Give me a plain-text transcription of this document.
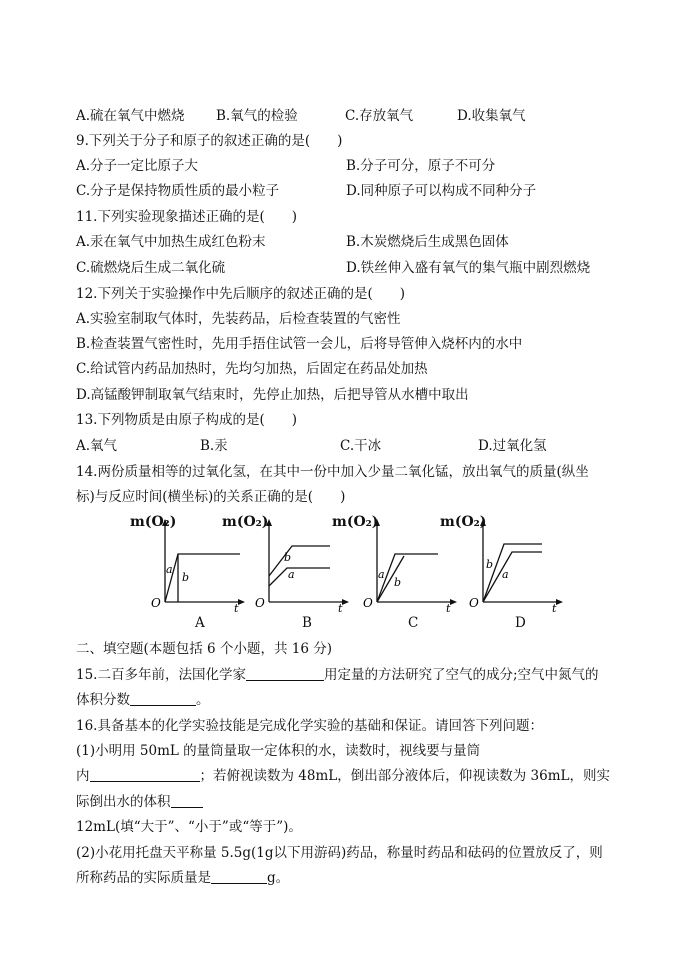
A.硫在氧气中燃烧 B.氧气的检验	C.存放氧气	D.收集氧气
9.下列关于分子和原子的叙述正确的是(　　)
A.分子一定比原子大	B.分子可分，原子不可分
C.分子是保持物质性质的最小粒子	D.同种原子可以构成不同种分子
11.下列实验现象描述正确的是(　　)
A.汞在氧气中加热生成红色粉末	B.木炭燃烧后生成黑色固体
C.硫燃烧后生成二氧化硫	D.铁丝伸入盛有氧气的集气瓶中剧烈燃烧
12.下列关于实验操作中先后顺序的叙述正确的是(　　)
A.实验室制取气体时，先装药品，后检查装置的气密性
B.检查装置气密性时，先用手捂住试管一会儿，后将导管伸入烧杯内的水中
C.给试管内药品加热时，先均匀加热，后固定在药品处加热
D.高锰酸钾制取氧气结束时，先停止加热，后把导管从水槽中取出
13.下列物质是由原子构成的是(　　)
A.氧气	B.汞	C.干冰	D.过氧化氢
14.两份质量相等的过氧化氢，在其中一份中加入少量二氧化锰，放出氧气的质量(纵坐
标)与反应时间(横坐标)的关系正确的是(　　)
O
a
b
t
m(O₂)
O
b
a
t
m(O₂)
O
a
b
t
m(O₂)
O
b
a
t
m(O₂)
A	B	C	D
二、填空题(本题包括 6 个小题，共 16 分)
15.二百多年前，法国化学家	用定量的方法研究了空气的成分;空气中氮气的
体积分数	。
16.具备基本的化学实验技能是完成化学实验的基础和保证。请回答下列问题：
(1)小明用 50mL 的量筒量取一定体积的水，读数时，视线要与量筒
内	；若俯视读数为 48mL，倒出部分液体后，仰视读数为 36mL，则实
际倒出水的体积
12mL(填“大于”、“小于”或“等于”)。
(2)小花用托盘天平称量 5.5g(1g以下用游码)药品，称量时药品和砝码的位置放反了，则
所称药品的实际质量是	g。
